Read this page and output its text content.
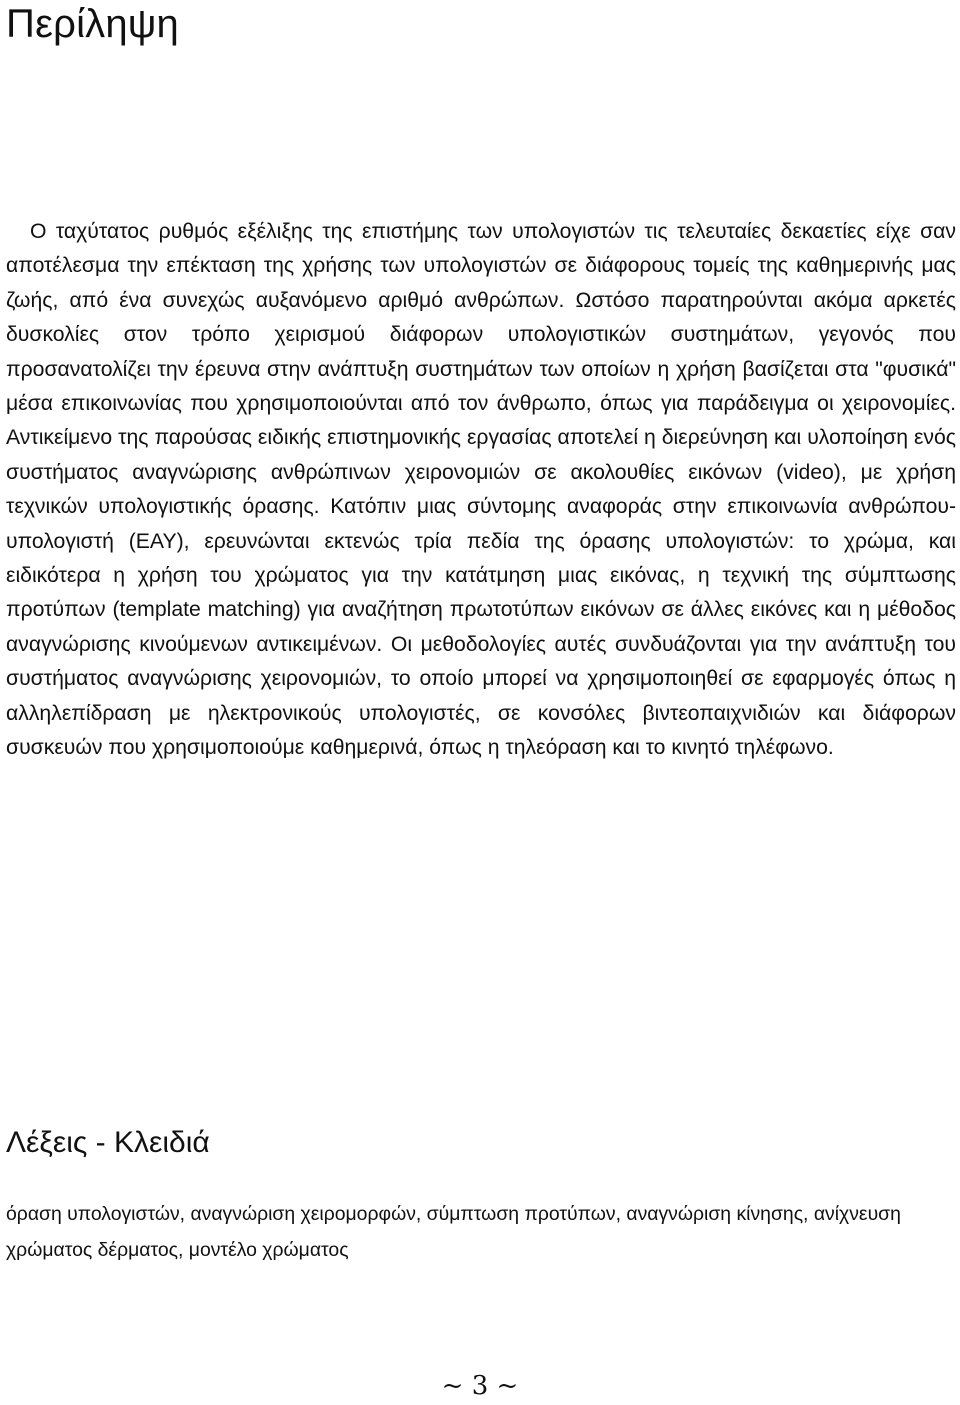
Περίληψη

Ο ταχύτατος ρυθμός εξέλιξης της επιστήμης των υπολογιστών τις τελευταίες δεκαετίες είχε σαν αποτέλεσμα την επέκταση της χρήσης των υπολογιστών σε διάφορους τομείς της καθημερινής μας ζωής, από ένα συνεχώς αυξανόμενο αριθμό ανθρώπων. Ωστόσο παρατηρούνται ακόμα αρκετές δυσκολίες στον τρόπο χειρισμού διάφορων υπολογιστικών συστημάτων, γεγονός που προσανατολίζει την έρευνα στην ανάπτυξη συστημάτων των οποίων η χρήση βασίζεται στα "φυσικά" μέσα επικοινωνίας που χρησιμοποιούνται από τον άνθρωπο, όπως για παράδειγμα οι χειρονομίες. Αντικείμενο της παρούσας ειδικής επιστημονικής εργασίας αποτελεί η διερεύνηση και υλοποίηση ενός συστήματος αναγνώρισης ανθρώπινων χειρονομιών σε ακολουθίες εικόνων (video), με χρήση τεχνικών υπολογιστικής όρασης. Κατόπιν μιας σύντομης αναφοράς στην επικοινωνία ανθρώπου-υπολογιστή (ΕΑΥ), ερευνώνται εκτενώς τρία πεδία της όρασης υπολογιστών: το χρώμα, και ειδικότερα η χρήση του χρώματος για την κατάτμηση μιας εικόνας, η τεχνική της σύμπτωσης προτύπων (template matching) για αναζήτηση πρωτοτύπων εικόνων σε άλλες εικόνες και η μέθοδος αναγνώρισης κινούμενων αντικειμένων. Οι μεθοδολογίες αυτές συνδυάζονται για την ανάπτυξη του συστήματος αναγνώρισης χειρονομιών, το οποίο μπορεί να χρησιμοποιηθεί σε εφαρμογές όπως η αλληλεπίδραση με ηλεκτρονικούς υπολογιστές, σε κονσόλες βιντεοπαιχνιδιών και διάφορων συσκευών που χρησιμοποιούμε καθημερινά, όπως η τηλεόραση και το κινητό τηλέφωνο.

Λέξεις - Κλειδιά

όραση υπολογιστών, αναγνώριση χειρομορφών, σύμπτωση προτύπων, αναγνώριση κίνησης, ανίχνευση χρώματος δέρματος, μοντέλο χρώματος

~ 3 ~
